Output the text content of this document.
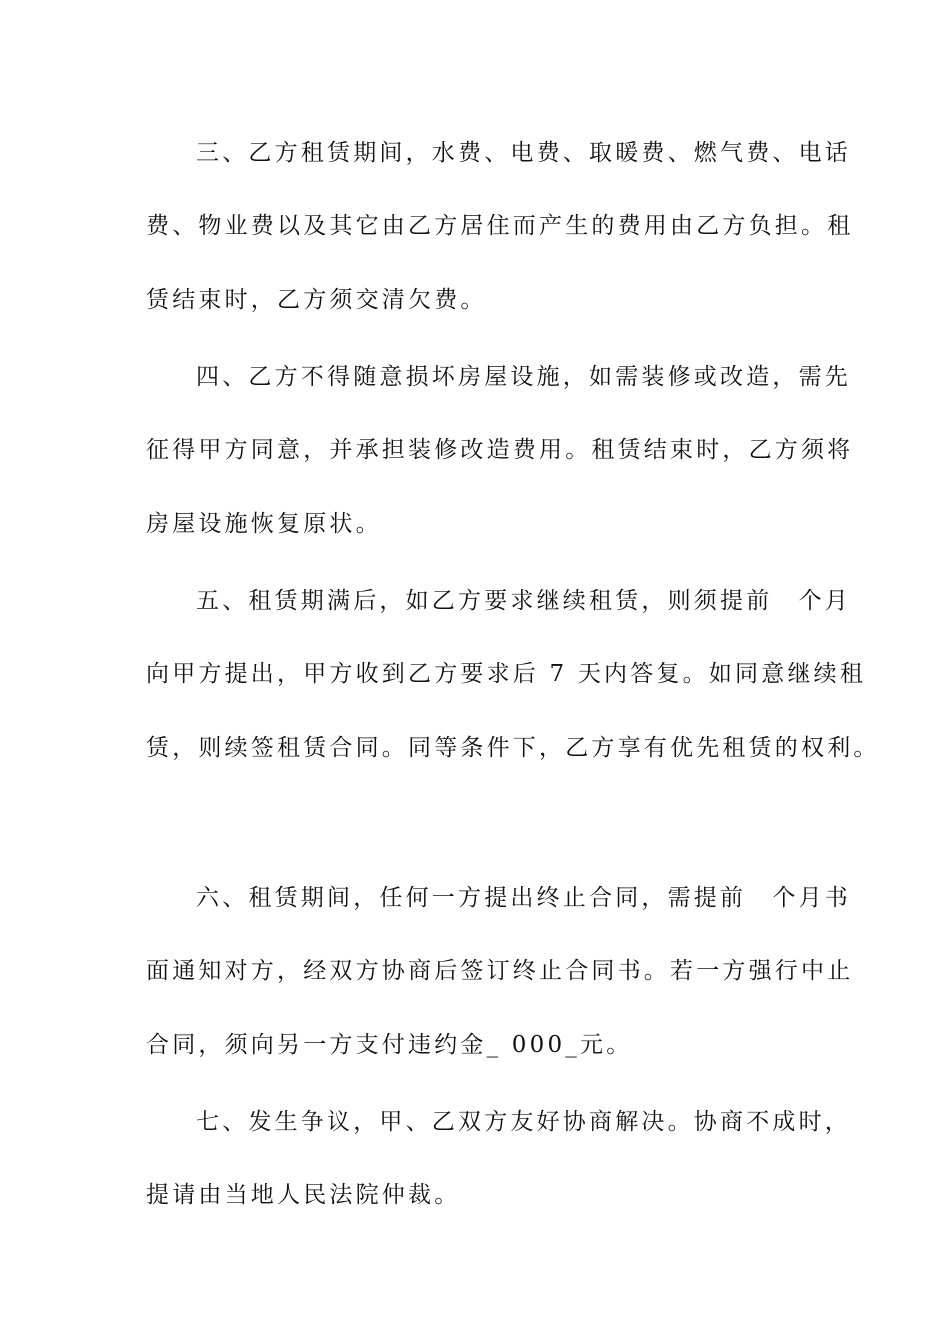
三、乙方租赁期间，水费、电费、取暖费、燃气费、电话
费、物业费以及其它由乙方居住而产生的费用由乙方负担。租
赁结束时，乙方须交清欠费。
四、乙方不得随意损坏房屋设施，如需装修或改造，需先
征得甲方同意，并承担装修改造费用。租赁结束时，乙方须将
房屋设施恢复原状。
五、租赁期满后，如乙方要求继续租赁，则须提前　个月
向甲方提出，甲方收到乙方要求后 7 天内答复。如同意继续租
赁，则续签租赁合同。同等条件下，乙方享有优先租赁的权利。
六、租赁期间，任何一方提出终止合同，需提前　个月书
面通知对方，经双方协商后签订终止合同书。若一方强行中止
合同，须向另一方支付违约金_ 000_元。
七、发生争议，甲、乙双方友好协商解决。协商不成时，
提请由当地人民法院仲裁。
